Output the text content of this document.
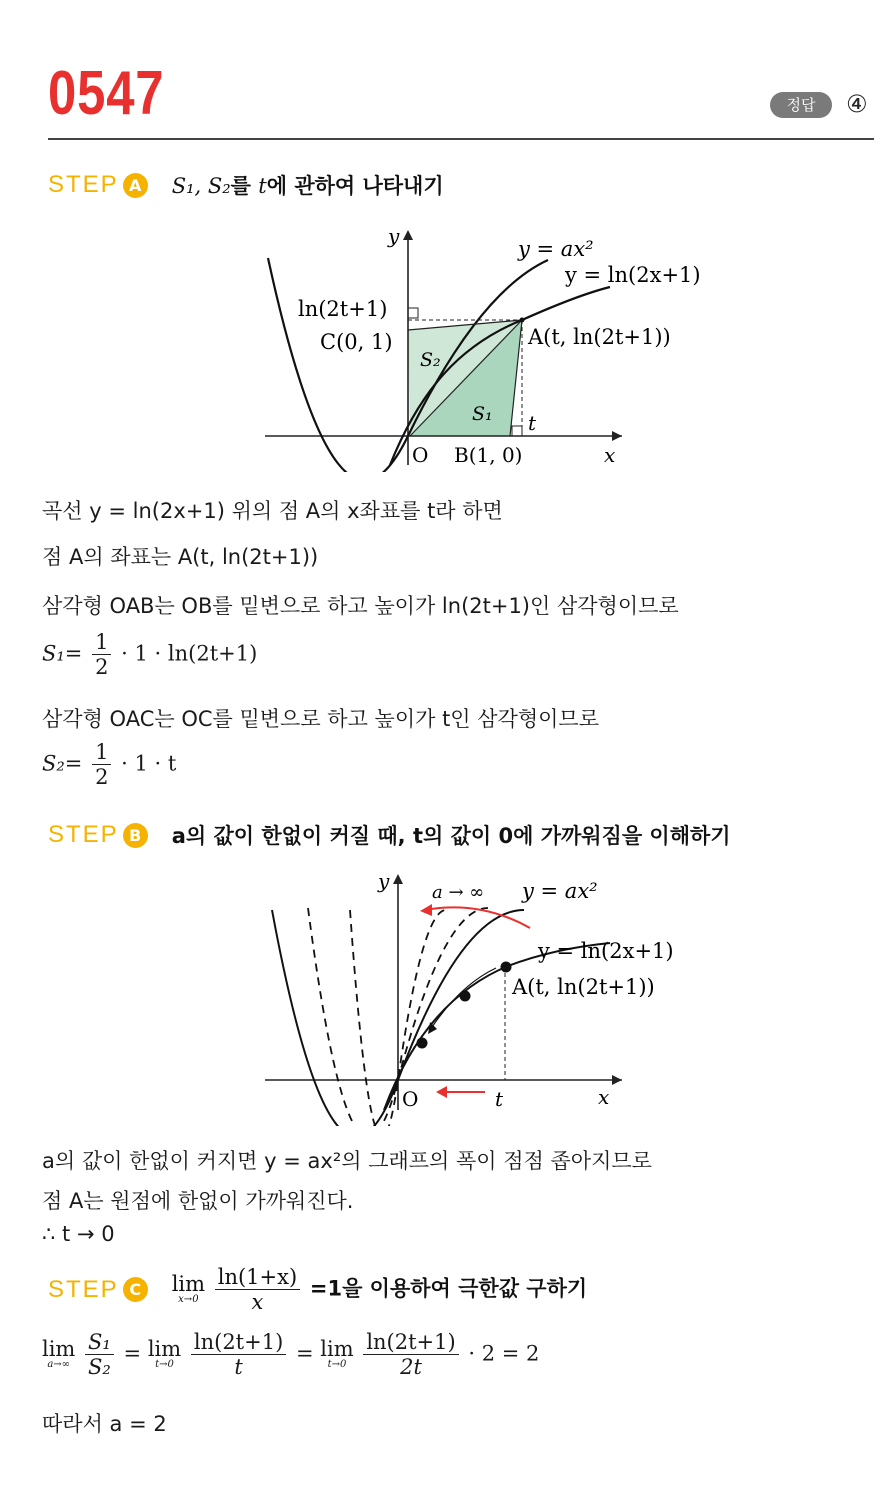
0547	정답	④
STEP A	S₁, S₂를 t에 관하여 나타내기
y
x
y = ax²
y = ln(2x+1)
ln(2t+1)
C(0, 1)	A(t, ln(2t+1))
S₂
S₁ t
O B(1, 0)
곡선 y = ln(2x+1) 위의 점 A의 x좌표를 t라 하면
점 A의 좌표는 A(t, ln(2t+1))
삼각형 OAB는 OB를 밑변으로 하고 높이가 ln(2t+1)인 삼각형이므로
$S_1= \frac{1}{2} \cdot 1 \cdot \ln(2t+1)$
삼각형 OAC는 OC를 밑변으로 하고 높이가 t인 삼각형이므로
$S_2= \frac{1}{2} \cdot 1 \cdot t$
STEP B	a의 값이 한없이 커질 때, t의 값이 0에 가까워짐을 이해하기
y
x
a → ∞ y = ax²
y = ln(2x+1)
A(t, ln(2t+1))
O	t
a의 값이 한없이 커지면 y = ax²의 그래프의 폭이 점점 좁아지므로
점 A는 원점에 한없이 가까워진다.
∴ t → 0
STEP C	lim
x→0
$\frac{\ln(1+x)}{x} =1$을 이용하여 극한값 구하기
lim
a→∞
$\frac{\text{S₁}}{\text{S₂}} = \lim$
t→0
$\frac{\ln(2t+1)}{t} = \lim$
t→0
$\frac{\ln(2t+1)}{2t} \cdot 2 = 2$
따라서 a = 2
